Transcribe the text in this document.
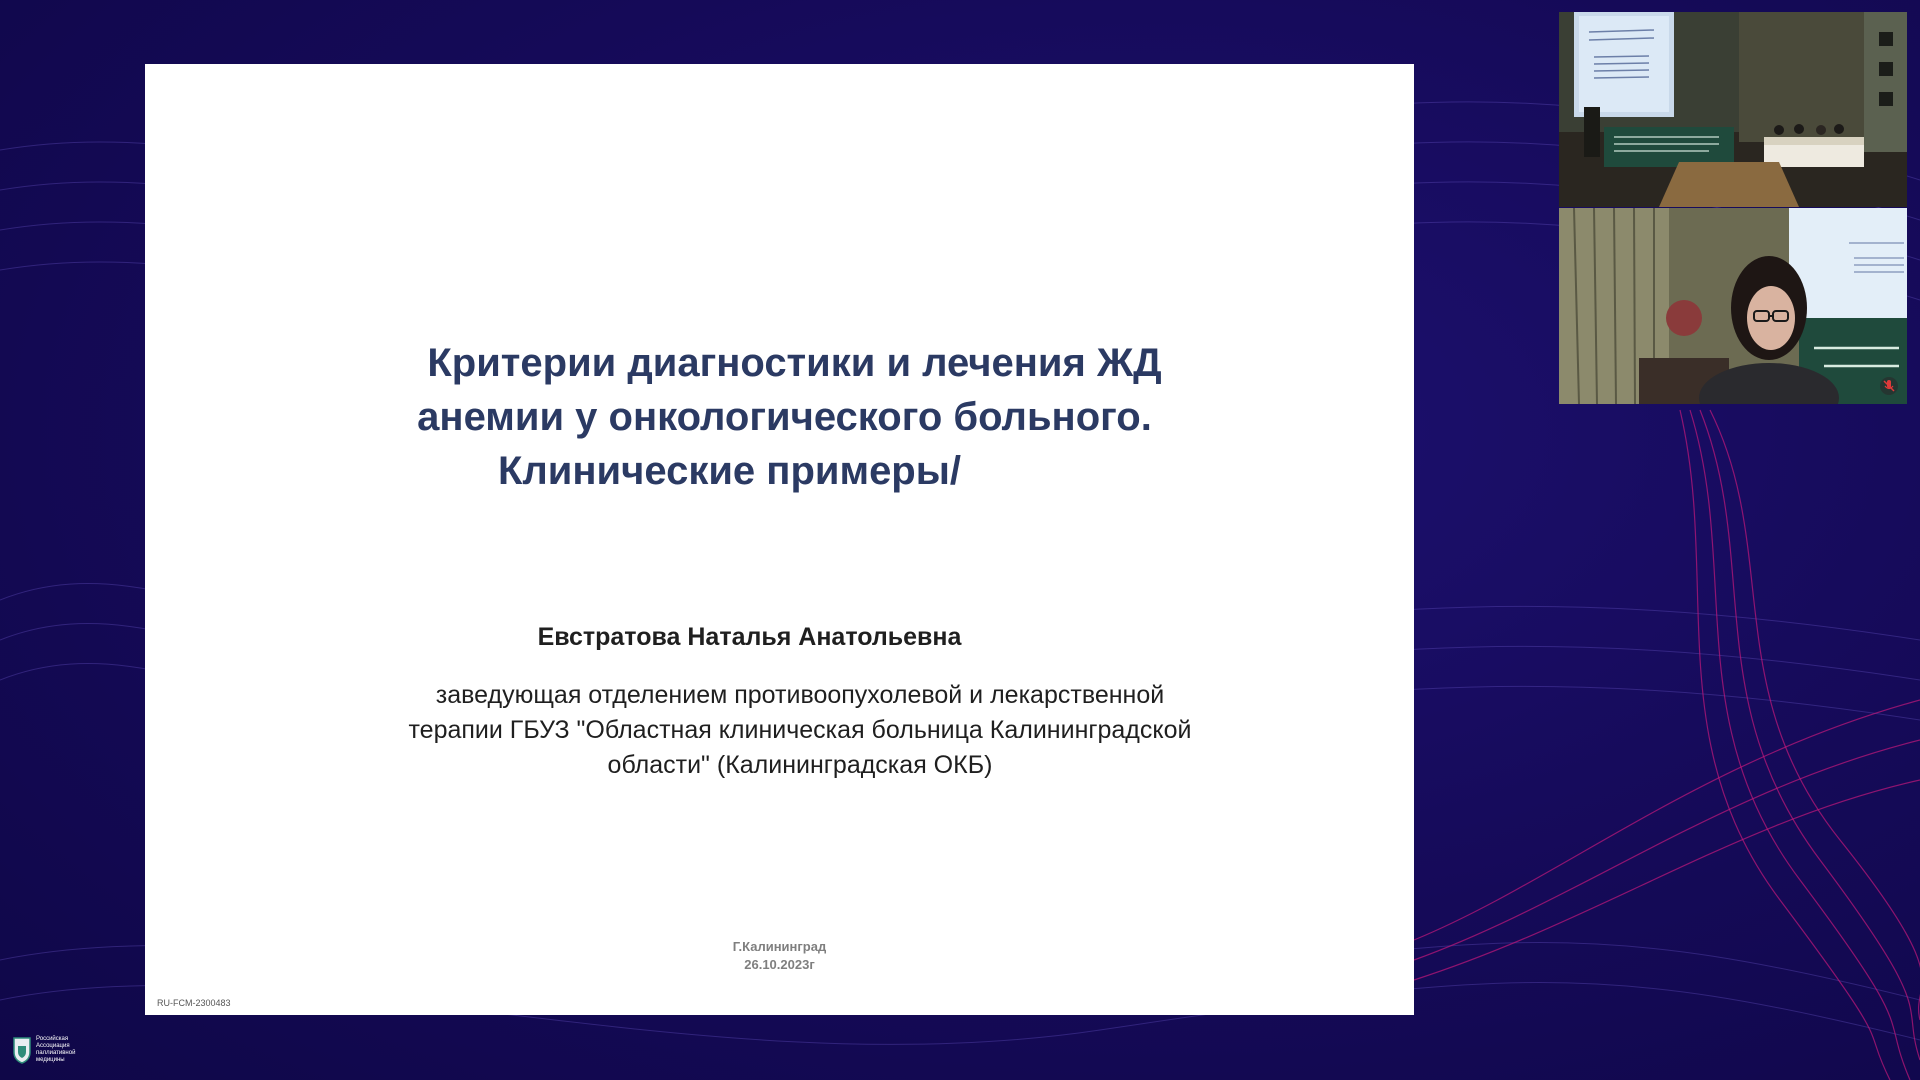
Критерии диагностики и лечения ЖД
анемии у онкологического больного.
Клинические примеры/
Евстратова Наталья Анатольевна
заведующая отделением противоопухолевой и лекарственной
терапии ГБУЗ "Областная клиническая больница Калининградской
области" (Калининградская ОКБ)
Г.Калининград
26.10.2023г
RU-FCM-2300483
Российская
Ассоциация
паллиативной
медицины
